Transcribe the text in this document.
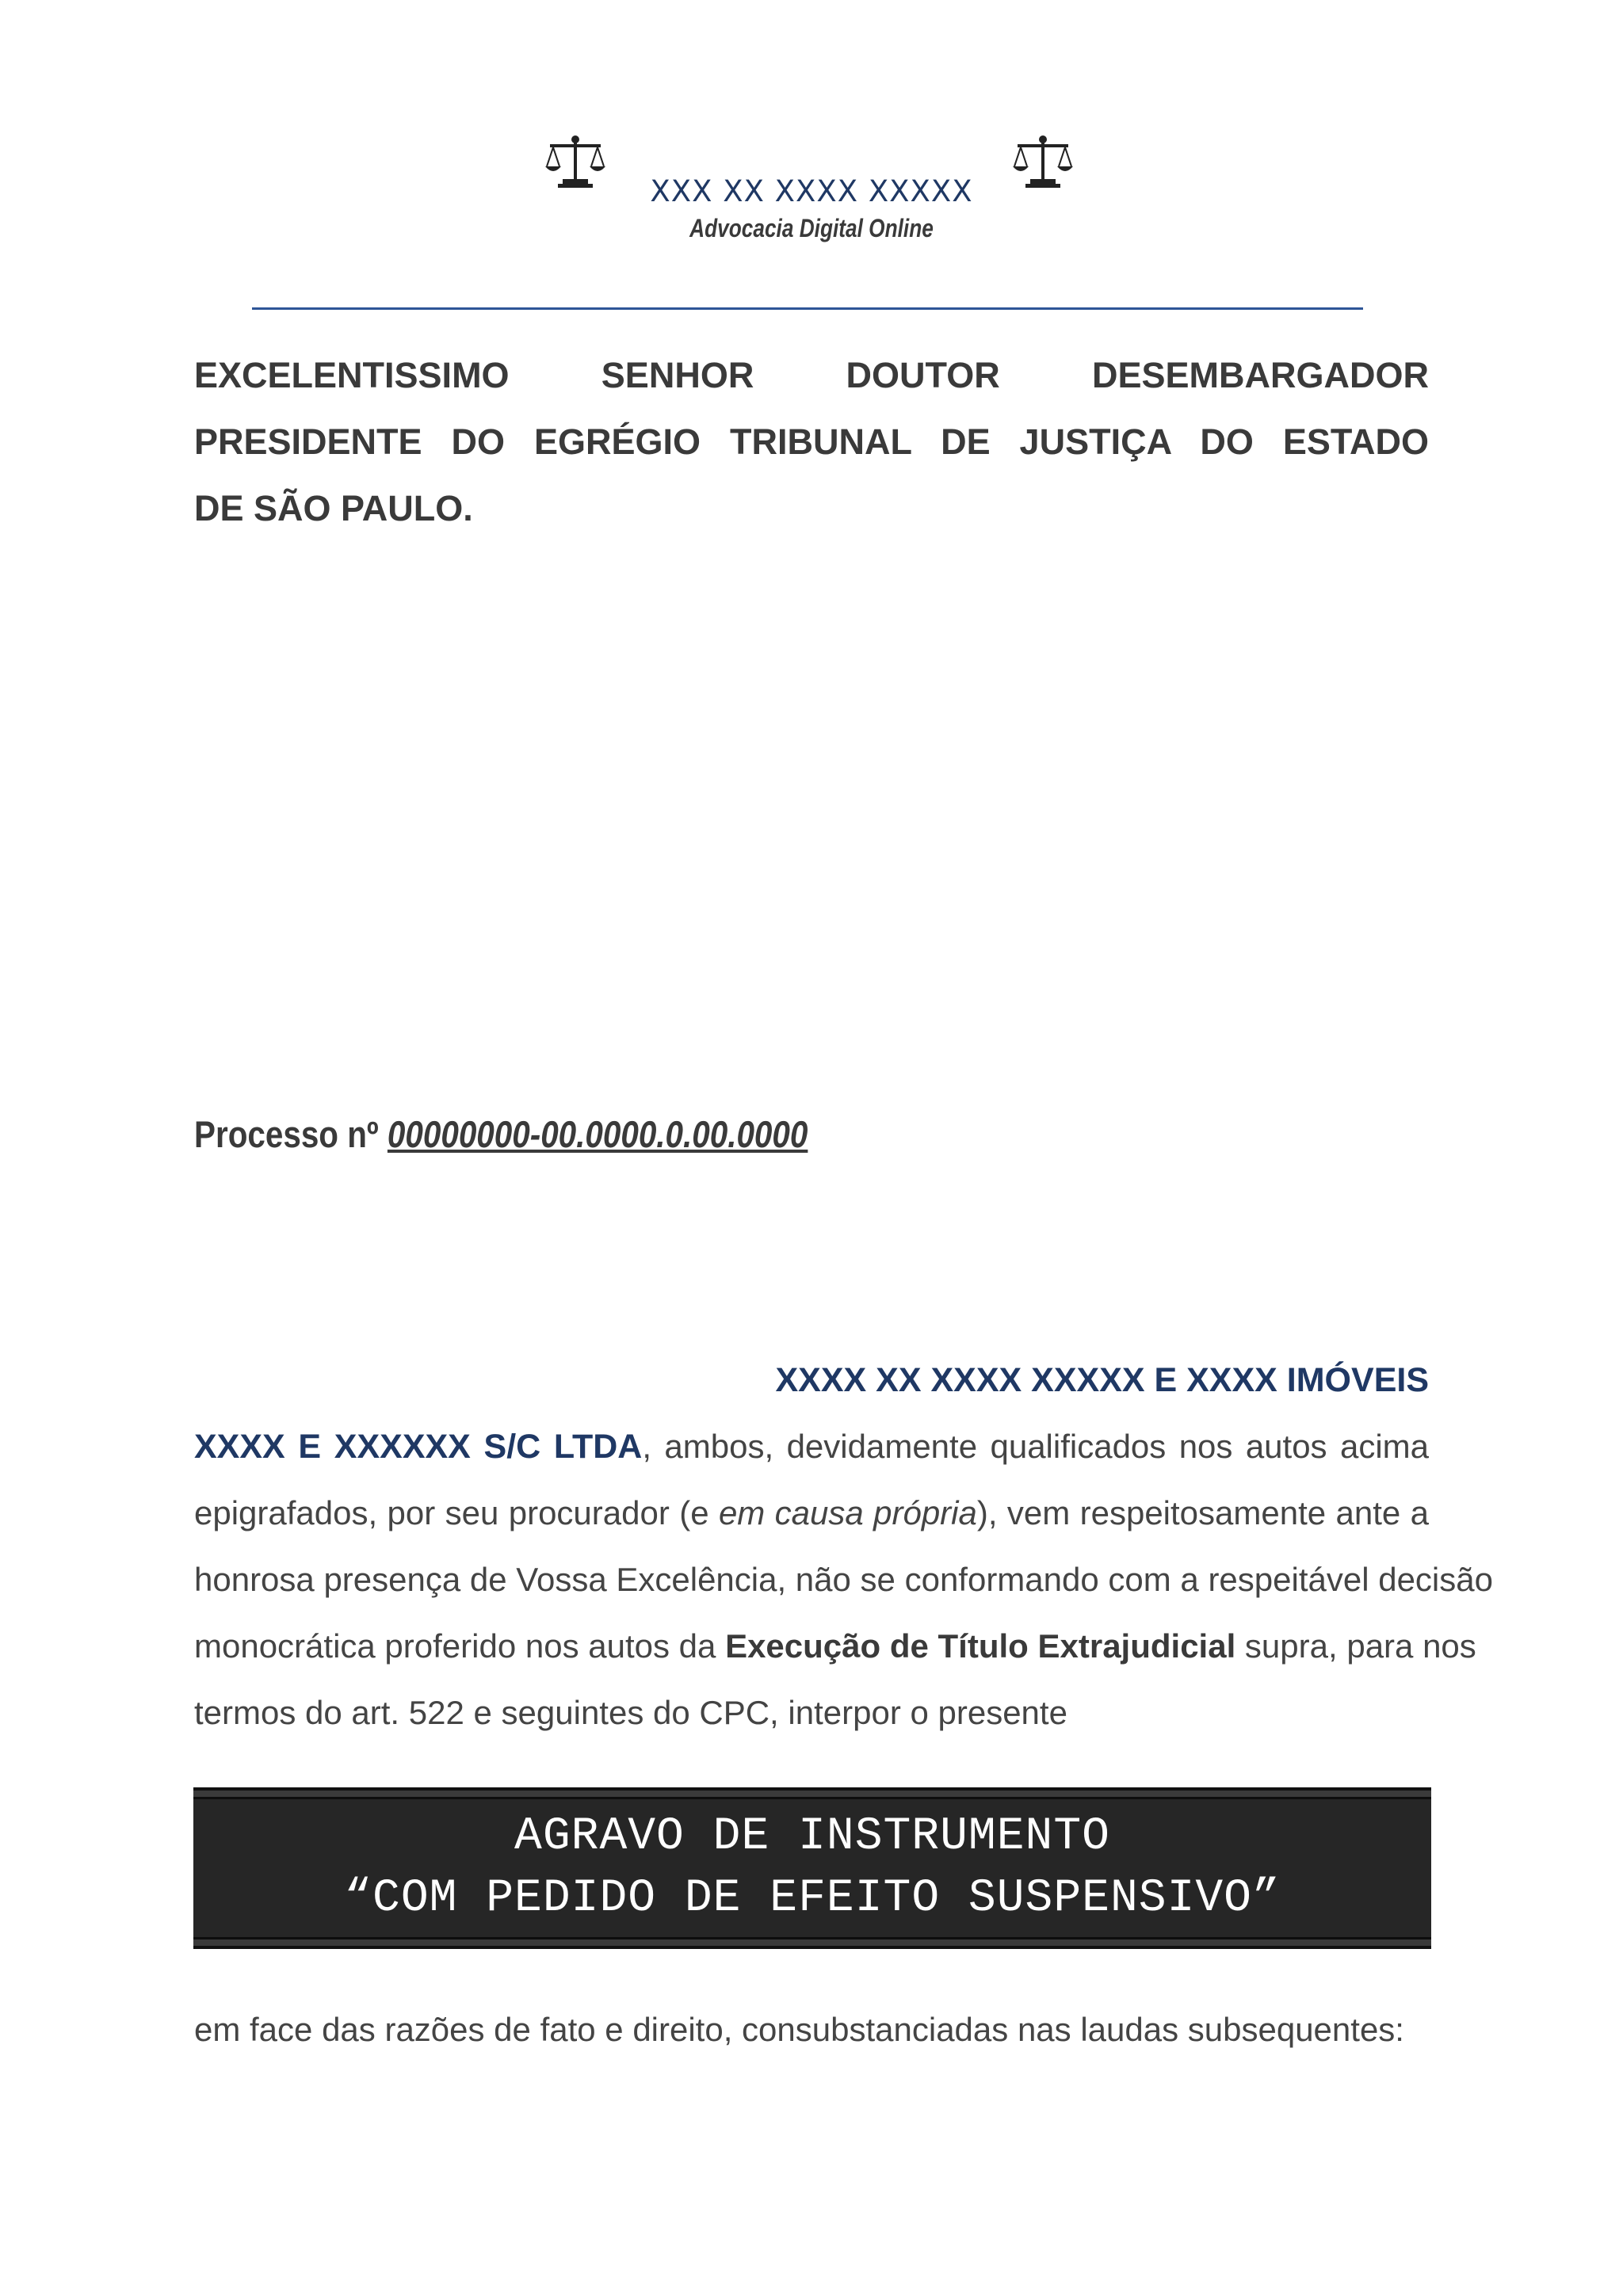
XXX XX XXXX XXXXX
Advocacia Digital Online
EXCELENTISSIMO SENHOR DOUTOR DESEMBARGADOR
PRESIDENTE DO EGRÉGIO TRIBUNAL DE JUSTIÇA DO ESTADO
DE SÃO PAULO.
Processo nº 00000000-00.0000.0.00.0000
XXXX XX XXXX XXXXX E XXXX IMÓVEIS
XXXX E XXXXXX S/C LTDA, ambos, devidamente qualificados nos autos acima
epigrafados, por seu procurador (e em causa própria), vem respeitosamente ante a
honrosa presença de Vossa Excelência, não se conformando com a respeitável decisão
monocrática proferido nos autos da Execução de Título Extrajudicial supra, para nos
termos do art. 522 e seguintes do CPC, interpor o presente
AGRAVO DE INSTRUMENTO
“COM PEDIDO DE EFEITO SUSPENSIVO”
em face das razões de fato e direito, consubstanciadas nas laudas subsequentes:
